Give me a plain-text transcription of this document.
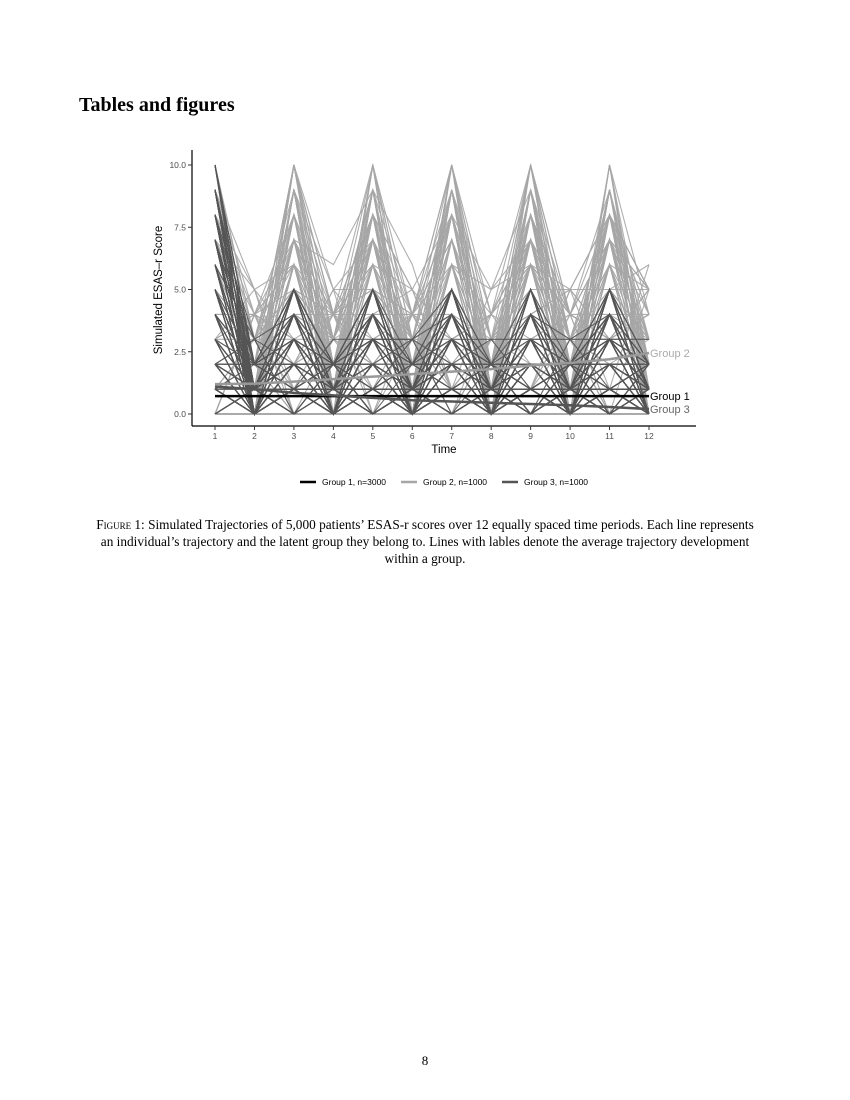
Tables and figures
Group 1
Group 2
Group 3
1	2	3	4	5	6	7	8	9	10	11	12
0.0
2.5
5.0
7.5
10.0
Time
Simulated ESAS–r Score
Group 1, n=3000	Group 2, n=1000	Group 3, n=1000
Figure 1: Simulated Trajectories of 5,000 patients’ ESAS-r scores over 12 equally spaced time periods. Each line represents an individual’s trajectory and the latent group they belong to. Lines with lables denote the average trajectory development within a group.
8
